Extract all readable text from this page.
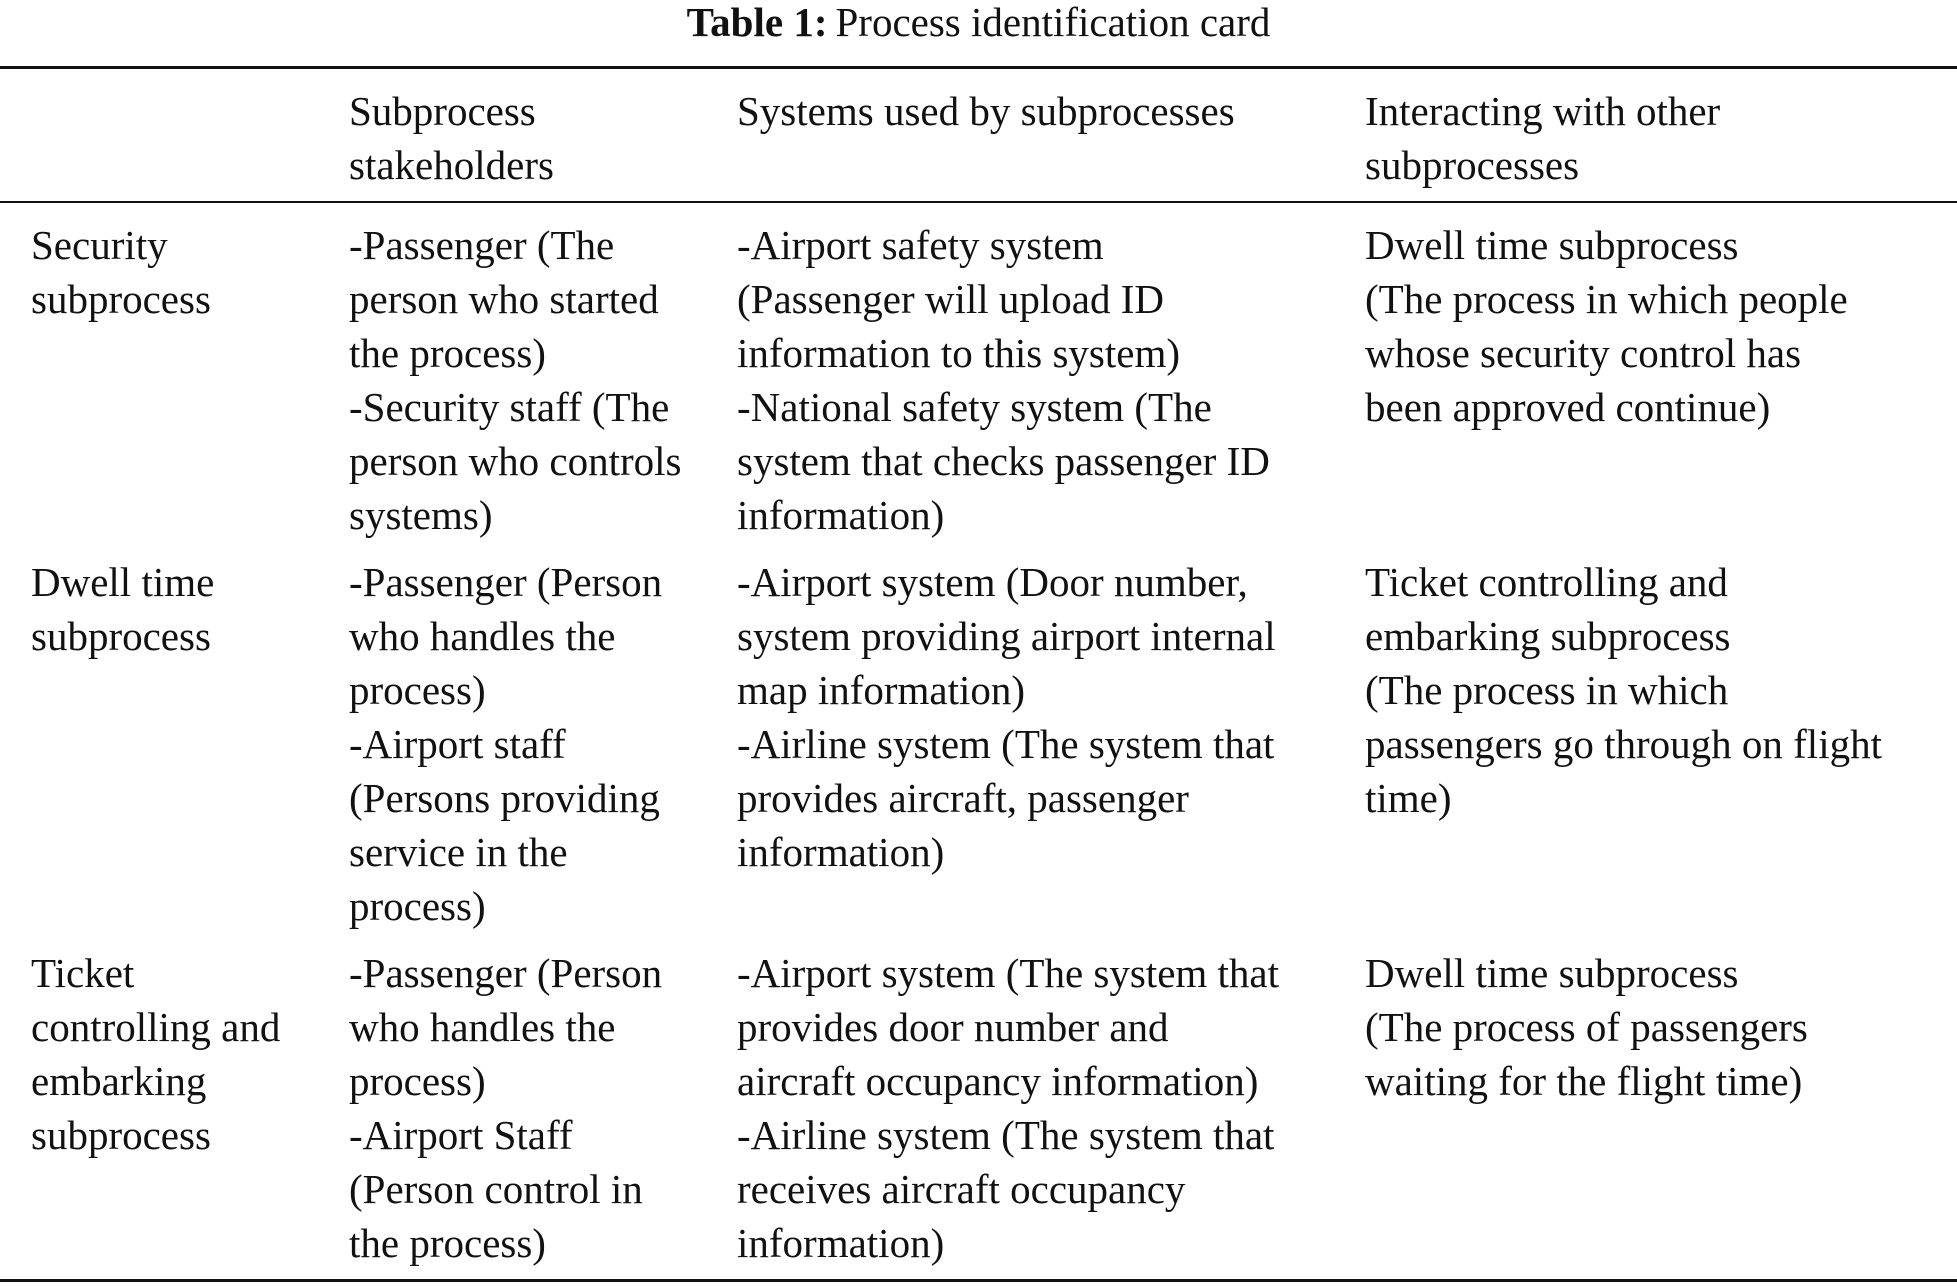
Table 1: Process identification card
Subprocess
stakeholders
Systems used by subprocesses	Interacting with other
subprocesses
Security
subprocess
-Passenger (The
person who started
the process)
-Security staff (The
person who controls
systems)
-Airport safety system
(Passenger will upload ID
information to this system)
-National safety system (The
system that checks passenger ID
information)
Dwell time subprocess
(The process in which people
whose security control has
been approved continue)
Dwell time
subprocess
-Passenger (Person
who handles the
process)
-Airport staff
(Persons providing
service in the
process)
-Airport system (Door number,
system providing airport internal
map information)
-Airline system (The system that
provides aircraft, passenger
information)
Ticket controlling and
embarking subprocess
(The process in which
passengers go through on flight
time)
Ticket
controlling and
embarking
subprocess
-Passenger (Person
who handles the
process)
-Airport Staff
(Person control in
the process)
-Airport system (The system that
provides door number and
aircraft occupancy information)
-Airline system (The system that
receives aircraft occupancy
information)
Dwell time subprocess
(The process of passengers
waiting for the flight time)
